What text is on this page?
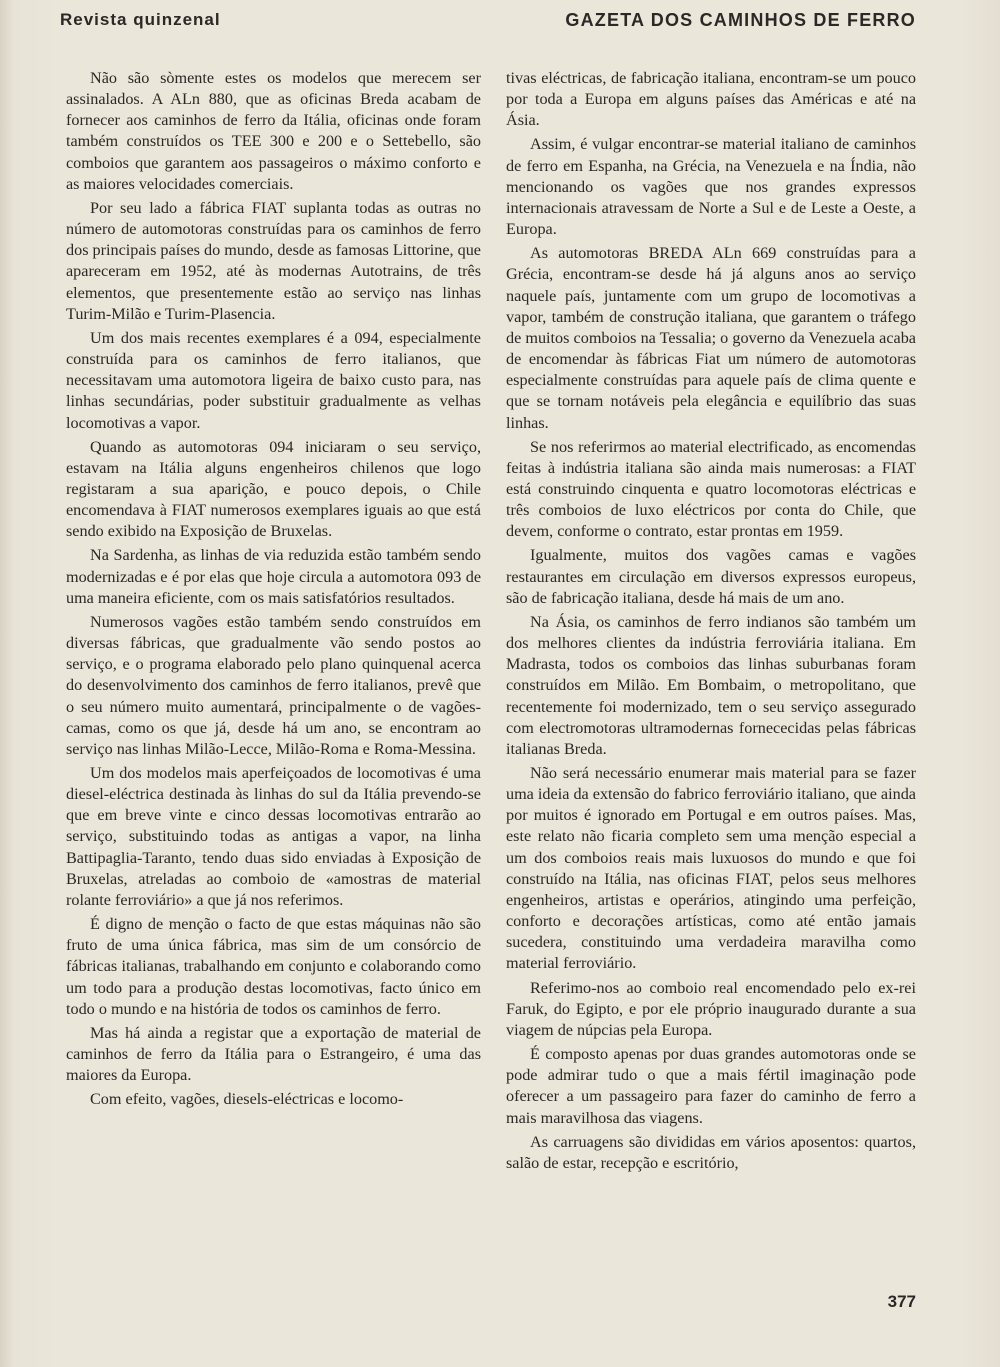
Revista quinzenal	GAZETA DOS CAMINHOS DE FERRO

Não são sòmente estes os modelos que merecem ser assinalados. A ALn 880, que as oficinas Breda acabam de fornecer aos caminhos de ferro da Itália, oficinas onde foram também construídos os TEE 300 e 200 e o Settebello, são comboios que garantem aos passageiros o máximo conforto e as maiores velocidades comerciais.

Por seu lado a fábrica FIAT suplanta todas as outras no número de automotoras construídas para os caminhos de ferro dos principais países do mundo, desde as famosas Littorine, que apareceram em 1952, até às modernas Autotrains, de três elementos, que presentemente estão ao serviço nas linhas Turim-Milão e Turim-Plasencia.

Um dos mais recentes exemplares é a 094, especialmente construída para os caminhos de ferro italianos, que necessitavam uma automotora ligeira de baixo custo para, nas linhas secundárias, poder substituir gradualmente as velhas locomotivas a vapor.

Quando as automotoras 094 iniciaram o seu serviço, estavam na Itália alguns engenheiros chilenos que logo registaram a sua aparição, e pouco depois, o Chile encomendava à FIAT numerosos exemplares iguais ao que está sendo exibido na Exposição de Bruxelas.

Na Sardenha, as linhas de via reduzida estão também sendo modernizadas e é por elas que hoje circula a automotora 093 de uma maneira eficiente, com os mais satisfatórios resultados.

Numerosos vagões estão também sendo construídos em diversas fábricas, que gradualmente vão sendo postos ao serviço, e o programa elaborado pelo plano quinquenal acerca do desenvolvimento dos caminhos de ferro italianos, prevê que o seu número muito aumentará, principalmente o de vagões-camas, como os que já, desde há um ano, se encontram ao serviço nas linhas Milão-Lecce, Milão-Roma e Roma-Messina.

Um dos modelos mais aperfeiçoados de locomotivas é uma diesel-eléctrica destinada às linhas do sul da Itália prevendo-se que em breve vinte e cinco dessas locomotivas entrarão ao serviço, substituindo todas as antigas a vapor, na linha Battipaglia-Taranto, tendo duas sido enviadas à Exposição de Bruxelas, atreladas ao comboio de «amostras de material rolante ferroviário» a que já nos referimos.

É digno de menção o facto de que estas máquinas não são fruto de uma única fábrica, mas sim de um consórcio de fábricas italianas, trabalhando em conjunto e colaborando como um todo para a produção destas locomotivas, facto único em todo o mundo e na história de todos os caminhos de ferro.

Mas há ainda a registar que a exportação de material de caminhos de ferro da Itália para o Estrangeiro, é uma das maiores da Europa.

Com efeito, vagões, diesels-eléctricas e locomo-

tivas eléctricas, de fabricação italiana, encontram-se um pouco por toda a Europa em alguns países das Américas e até na Ásia.

Assim, é vulgar encontrar-se material italiano de caminhos de ferro em Espanha, na Grécia, na Venezuela e na Índia, não mencionando os vagões que nos grandes expressos internacionais atravessam de Norte a Sul e de Leste a Oeste, a Europa.

As automotoras BREDA ALn 669 construídas para a Grécia, encontram-se desde há já alguns anos ao serviço naquele país, juntamente com um grupo de locomotivas a vapor, também de construção italiana, que garantem o tráfego de muitos comboios na Tessalia; o governo da Venezuela acaba de encomendar às fábricas Fiat um número de automotoras especialmente construídas para aquele país de clima quente e que se tornam notáveis pela elegância e equilíbrio das suas linhas.

Se nos referirmos ao material electrificado, as encomendas feitas à indústria italiana são ainda mais numerosas: a FIAT está construindo cinquenta e quatro locomotoras eléctricas e três comboios de luxo eléctricos por conta do Chile, que devem, conforme o contrato, estar prontas em 1959.

Igualmente, muitos dos vagões camas e vagões restaurantes em circulação em diversos expressos europeus, são de fabricação italiana, desde há mais de um ano.

Na Ásia, os caminhos de ferro indianos são também um dos melhores clientes da indústria ferroviária italiana. Em Madrasta, todos os comboios das linhas suburbanas foram construídos em Milão. Em Bombaim, o metropolitano, que recentemente foi modernizado, tem o seu serviço assegurado com electromotoras ultramodernas fornececidas pelas fábricas italianas Breda.

Não será necessário enumerar mais material para se fazer uma ideia da extensão do fabrico ferroviário italiano, que ainda por muitos é ignorado em Portugal e em outros países. Mas, este relato não ficaria completo sem uma menção especial a um dos comboios reais mais luxuosos do mundo e que foi construído na Itália, nas oficinas FIAT, pelos seus melhores engenheiros, artistas e operários, atingindo uma perfeição, conforto e decorações artísticas, como até então jamais sucedera, constituindo uma verdadeira maravilha como material ferroviário.

Referimo-nos ao comboio real encomendado pelo ex-rei Faruk, do Egipto, e por ele próprio inaugurado durante a sua viagem de núpcias pela Europa.

É composto apenas por duas grandes automotoras onde se pode admirar tudo o que a mais fértil imaginação pode oferecer a um passageiro para fazer do caminho de ferro a mais maravilhosa das viagens.

As carruagens são divididas em vários aposentos: quartos, salão de estar, recepção e escritório,

377
